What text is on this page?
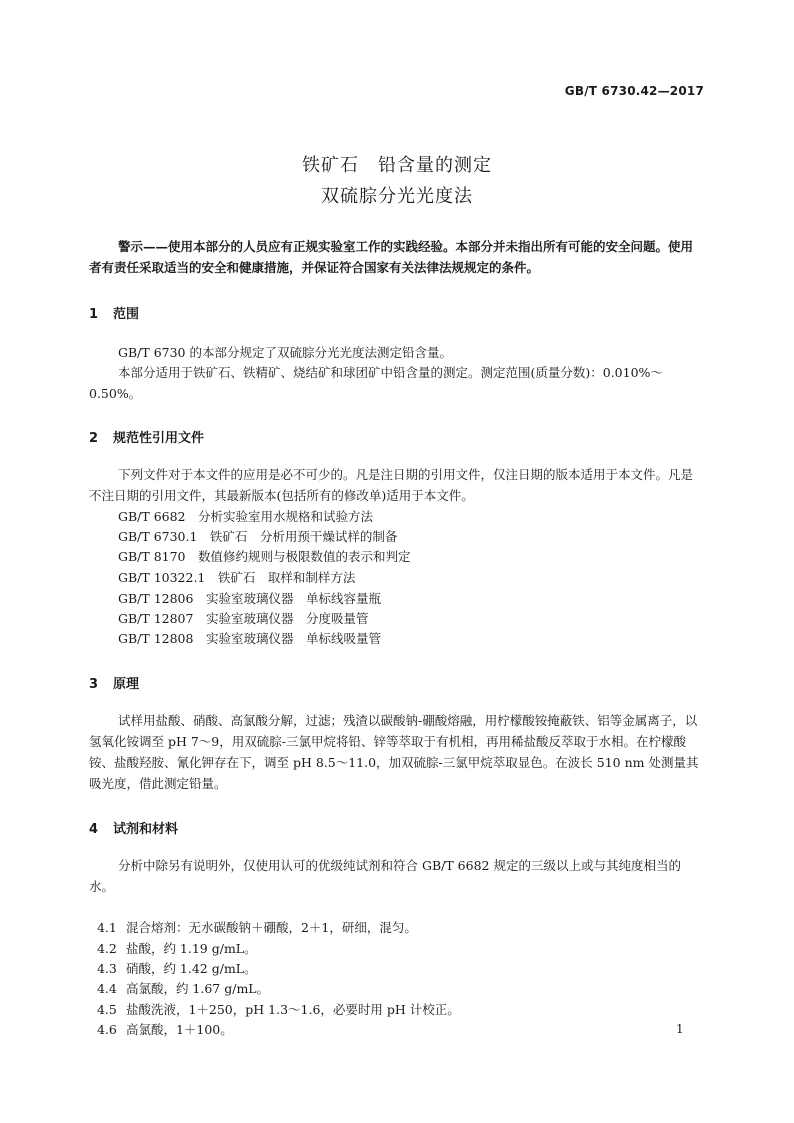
GB/T 6730.42—2017
铁矿石　铅含量的测定
双硫腙分光光度法
警示——使用本部分的人员应有正规实验室工作的实践经验。本部分并未指出所有可能的安全问题。使用者有责任采取适当的安全和健康措施，并保证符合国家有关法律法规规定的条件。
1 范围
GB/T 6730 的本部分规定了双硫腙分光光度法测定铅含量。
本部分适用于铁矿石、铁精矿、烧结矿和球团矿中铅含量的测定。测定范围(质量分数)：0.010%～0.50%。
2 规范性引用文件
下列文件对于本文件的应用是必不可少的。凡是注日期的引用文件，仅注日期的版本适用于本文件。凡是不注日期的引用文件，其最新版本(包括所有的修改单)适用于本文件。
GB/T 6682　分析实验室用水规格和试验方法
GB/T 6730.1　铁矿石　分析用预干燥试样的制备
GB/T 8170　数值修约规则与极限数值的表示和判定
GB/T 10322.1　铁矿石　取样和制样方法
GB/T 12806　实验室玻璃仪器　单标线容量瓶
GB/T 12807　实验室玻璃仪器　分度吸量管
GB/T 12808　实验室玻璃仪器　单标线吸量管
3 原理
试样用盐酸、硝酸、高氯酸分解，过滤；残渣以碳酸钠-硼酸熔融，用柠檬酸铵掩蔽铁、铝等金属离子，以氢氧化铵调至 pH 7～9，用双硫腙-三氯甲烷将铅、锌等萃取于有机相，再用稀盐酸反萃取于水相。在柠檬酸铵、盐酸羟胺、氰化钾存在下，调至 pH 8.5～11.0，加双硫腙-三氯甲烷萃取显色。在波长 510 nm 处测量其吸光度，借此测定铅量。
4 试剂和材料
分析中除另有说明外，仅使用认可的优级纯试剂和符合 GB/T 6682 规定的三级以上或与其纯度相当的水。

4.1 混合熔剂：无水碳酸钠＋硼酸，2＋1，研细，混匀。

4.2 盐酸，约 1.19 g/mL。

4.3 硝酸，约 1.42 g/mL。

4.4 高氯酸，约 1.67 g/mL。

4.5 盐酸洗液，1＋250，pH 1.3～1.6，必要时用 pH 计校正。

4.6 高氯酸，1＋100。	1
